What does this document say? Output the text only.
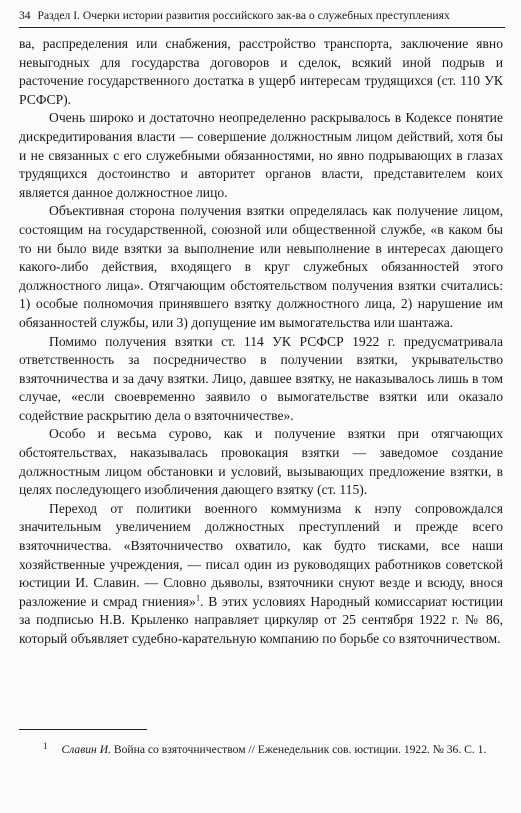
34 Раздел I. Очерки истории развития российского зак-ва о служебных преступлениях

ва, распределения или снабжения, расстройство транспорта, заключение явно невыгодных для государства договоров и сделок, всякий иной подрыв и расточение государственного достатка в ущерб интересам трудящихся (ст. 110 УК РСФСР).

Очень широко и достаточно неопределенно раскрывалось в Кодексе понятие дискредитирования власти — совершение должностным лицом действий, хотя бы и не связанных с его служебными обязанностями, но явно подрывающих в глазах трудящихся достоинство и авторитет органов власти, представителем коих является данное должностное лицо.

Объективная сторона получения взятки определялась как получение лицом, состоящим на государственной, союзной или общественной службе, «в каком бы то ни было виде взятки за выполнение или невыполнение в интересах дающего какого-либо действия, входящего в круг служебных обязанностей этого должностного лица». Отягчающим обстоятельством получения взятки считались: 1) особые полномочия принявшего взятку должностного лица, 2) нарушение им обязанностей службы, или 3) допущение им вымогательства или шантажа.

Помимо получения взятки ст. 114 УК РСФСР 1922 г. предусматривала ответственность за посредничество в получении взятки, укрывательство взяточничества и за дачу взятки. Лицо, давшее взятку, не наказывалось лишь в том случае, «если своевременно заявило о вымогательстве взятки или оказало содействие раскрытию дела о взяточничестве».

Особо и весьма сурово, как и получение взятки при отягчающих обстоятельствах, наказывалась провокация взятки — заведомое создание должностным лицом обстановки и условий, вызывающих предложение взятки, в целях последующего изобличения дающего взятку (ст. 115).

Переход от политики военного коммунизма к нэпу сопровождался значительным увеличением должностных преступлений и прежде всего взяточничества. «Взяточничество охватило, как будто тисками, все наши хозяйственные учреждения, — писал один из руководящих работников советской юстиции И. Славин. — Словно дьяволы, взяточники снуют везде и всюду, внося разложение и смрад гниения»$^1$. В этих условиях Народный комиссариат юстиции за подписью Н.В. Крыленко направляет циркуляр от 25 сентября 1922 г. № 86, который объявляет судебно-карательную компанию по борьбе со взяточничеством.

$^1$ Славин И. Война со взяточничеством // Еженедельник сов. юстиции. 1922. № 36. С. 1.
